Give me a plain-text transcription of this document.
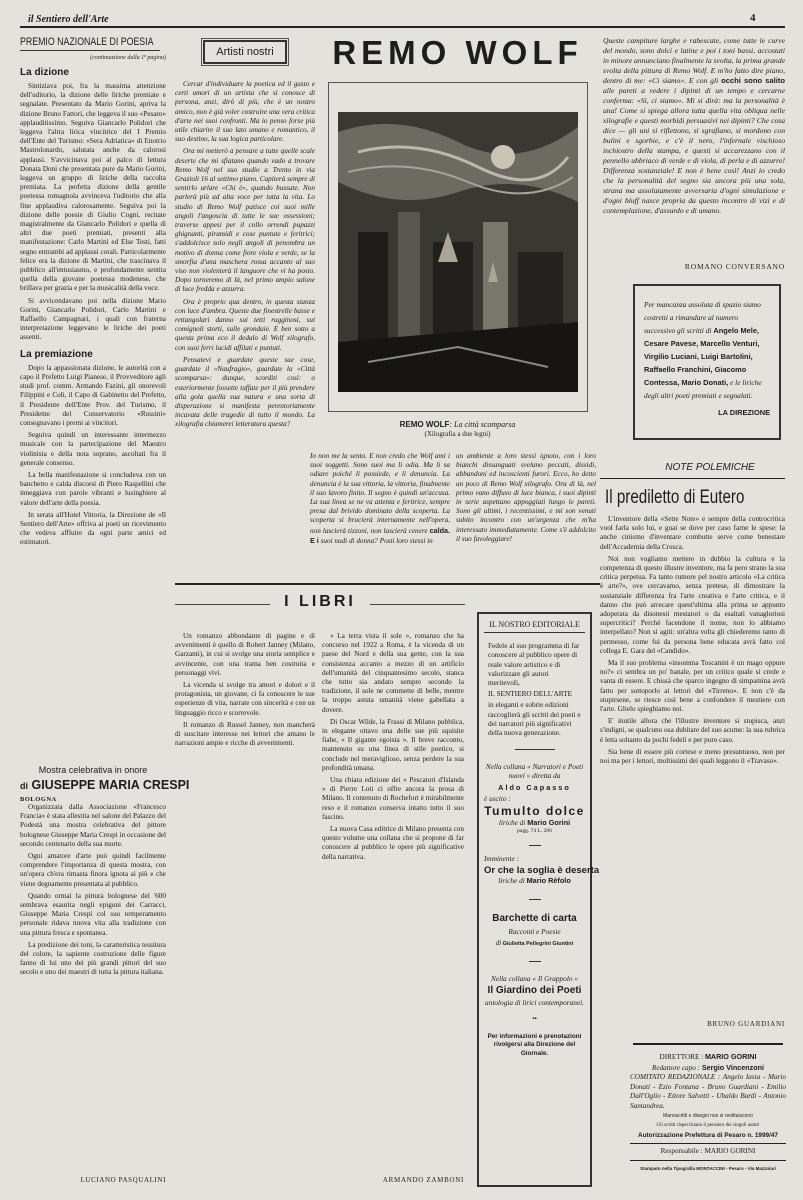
il Sentiero dell'Arte	4
PREMIO NAZIONALE DI POESIA
(continuazione dalla 1ª pagina)
La dizione

Sintiziava poi, fra la massima attenzione dell'uditorio, la dizione delle liriche premiate e segnalate. Presentato da Mario Gorini, apriva la dizione Bruno Fattori, che leggeva il suo «Pesaro» applauditissimo. Seguiva Giancarlo Polidori che leggeva l'altra lirica vincitrice del I Premio dell'Ente del Turismo: «Sera Adriatica» di Enotrio Mastrolonardo, salutata anche da calorosi applausi. S'avvicinava poi al palco di lettura Donata Doni che presentata pure da Mario Gorini, leggeva un gruppo di liriche della raccolta premiata. La perfetta dizione della gentile poetessa romagnola avvinceva l'uditorio che alla fine applaudiva calorosamente. Seguiva poi la dizione delle poesie di Giulio Cogni, recitate magistralmente da Giancarlo Polidori e quella di altri due poeti premiati, presenti alla manifestazione: Carlo Martini ed Else Testi, fatti segno entrambi ad applausi corali. Particolarmente felice era la dizione di Martini, che trascinava il pubblico all'entusiasmo, e profondamente sentita quella della giovane poetessa modenese, che brillava per grazia e per la musicalità della voce.

Si avvicendavano poi nella dizione Mario Gorini, Giancarlo Polidori, Carlo Martini e Raffaello Campagnari, i quali con fraterna interpretazione leggevano le liriche dei poeti assenti.

La premiazione

Dopo la appassionata dizione, le autorità con a capo il Prefetto Luigi Pianese, il Provveditore agli studi prof. comm. Armando Fazini, gli onorevoli Filippini e Coli, il Capo di Gabinetto del Prefetto, il Presidente dell'Ente Prov. del Turismo, il Presidente del Conservatorio «Rossini» consegnavano i premi ai vincitori.

Seguiva quindi un interessante intermezzo musicale con la partecipazione del Maestro violinista e della nota soprano, ascoltati fra il generale consenso.

La bella manifestazione si concludeva con un banchetto e calda discorsi di Piero Raspellini che inneggiava con parole vibranti e lusinghiere al valore dell'arte della poesia.

In serata all'Hotel Vittoria, la Direzione de «Il Sentiero dell'Arte» offriva ai poeti un ricevimento che vedeva affluire da ogni parte amici ed estimatori.

Mostra celebrativa in onore
di GIUSEPPE MARIA CRESPI
BOLOGNA

Organizzata dalla Associazione «Francesco Francia» è stata allestita nel salone del Palazzo del Podestà una mostra celebrativa del pittore bolognese Giuseppe Maria Crespi in occasione del secondo centenario della sua morte.

Ogni amatore d'arte può quindi facilmente comprendere l'importanza di questa mostra, con un'opera ch'era rimasta finora ignota ai più e che viene degnamente presentata al pubblico.

Quando ormai la pittura bolognese del '600 sembrava esaurita negli epigoni dei Carracci, Giuseppe Maria Crespi col suo temperamento personale ridava nuova vita alla tradizione con una pittura fresca e spontanea.

La predizione dei toni, la caratteristica tessitura del colore, la sapiente costruzione delle figure fanno di lui uno dei più grandi pittori del suo secolo e uno dei maestri di tutta la pittura italiana.

LUCIANO PASQUALINI
Artisti nostri

Cercar d'individuare la poetica ed il gusto e certi umori di un artista che si conosce di persona, anzi, dirò di più, che è un nostro amico, non è già voler costruire una vera critica d'arte nei suoi confronti. Ma io penso forse più utile chiarire il suo lato umano e romantico, il suo destino, la sua logica particolare.

Ora mi metterò a pensare a tutte quelle scale deserte che mi sfiatano quando vado a trovare Remo Wolf nel suo studio a Trento in via Grazioli 16 al settimo piano. Capiterà sempre di sentirlo urlare «Chi è», quando bussate. Non parlerà più ad alta voce per tutta la vita. Lo studio di Remo Wolf patisce coi suoi mille angoli l'angoscia di tutte le sue ossessioni; traverse appesi per il collo orrendi pupazzi ghignanti, piramidi e cose puntute e feritrici; s'addolcisce solo negli angoli di penombra un motivo di donna come fiore viola e verde, se la smorfia d'una maschera rossa accanto al suo viso non violenterà il languore che vi ha posto. Dopo torneremo di là, nel primo ampio salone di luce fredda e azzurra.

Ora è proprio qua dentro, in questa stanza con luce d'ambra. Queste due finestrelle basse e rettangolari danno sui tetti rugginosi, sui comignoli storti, sulle grondaie. E ben sotto a questa prima eco il dedalo di Wolf xilografo, con suoi ferri lucidi affilati e puntuti.

Pensatevi e guardate queste sue cose, guardate il «Naufragio», guardate la «Città scomparsa»: dunque, scorditi così: o esteriormente fossette tuffate per il più prendere alla gola quella sua natura e una sorta di disperazione si manifesta perentoriamente incavata delle tragedie di tutto il mondo. La xilografia chiamerei letteratura questa?

REMO WOLF
REMO WOLF: La città scomparsa
(Xilografia a due legni)
Io non me la sento. E non credo che Wolf ami i suoi soggetti. Sono suoi ma li odia. Ma li sa odiare poiché li possiede, e li denuncia. La denuncia è la sua vittoria, la vittoria, finalmente il suo lavoro finito. Il segno è quindi un'accusa. La sua linea se ne va attenta e feritrice, sempre presa dal brivido dominato della scoperta. La scoperta si brucierà internamente nell'opera, non lascierà tizzoni, non lascierà cenere calda. E i suoi nudi di donna? Posti loro stessi in
un ambiente a loro stessi ignoto, con i loro bianchi dissanguati svelano peccati, dissidi, abbandoni ed incoscienti furori. Ecco, ho detto un poco di Remo Wolf xilografo. Ora di là, nel primo vano diffuso di luce bianca, i suoi dipinti in serie aspettano appoggiati lungo le pareti. Sono gli ultimi, i recentissimi, e mi son venuti subito incontro con un'urgenza che m'ha interessato immediatamente. Come s'è addolcito il suo favoleggiare!
Queste campiture larghe e rabescate, come tutte le curve del mondo, sono dolci e latine e poi i toni bassi, accostati in minore annunciano finalmente la svolta, la prima grande svolta della pittura di Remo Wolf. E m'ho fatto dire piano, dentro di me: «Ci siamo». E con gli occhi sono salito alle pareti a vedere i dipinti di un tempo e cercarne conferma: «Sì, ci siamo». Mi si dirà: ma la personalità è una! Come si spiega allora tutta quella vita obliqua nelle xilografie e questi morbidi persuasivi nei dipinti? Che cosa dice — gli uni si riflettono, si sgrafiano, si mordono con bulini e sgorbie, e c'è il nero, l'infernale vischioso inchiostro della stampa, e questi si accarezzano con il pennello ubbriaco di verde e di viola, di perla e di azzurro! Differenza sostanziale! E non è bene così! Anzi io credo che la personalità del segno sia ancora più una sola, strana ma assolutamente avversaria d'ogni simulazione e d'ogni bluff nasce propria da questo incontro di vizi e di contemplazione, d'assurdo e di umano.
ROMANO CONVERSANO
Per mancanza assoluta di spazio siamo costretti a rimandare al numero successivo gli scritti di Angelo Mele, Cesare Pavese, Marcello Venturi, Virgilio Luciani, Luigi Bartolini, Raffaello Franchini, Giacomo Contessa, Mario Donati, e le liriche degli altri poeti premiati e segnalati.
LA DIREZIONE
NOTE POLEMICHE
Il prediletto di Eutero

L'inventore della «Sette Note» e sempre della controcritica vuol farla solo lui, e guai se dove per caso farne le spese: la anche cinismo d'inventare combutte serve come benestare dell'Accademia della Crusca.

Noi non vogliamo mettere in dubbio la cultura e la competenza di questo illustre inventore, ma fa pero strano la sua critica perpetua. Fa tanto rumore pel nostro articolo «La critica è arte?», ove cercavamo, senza pretese, di dimostrare la sostanziale differenza fra l'arte creativa e l'arte critica, e il danno che può arrecare quest'ultima alla prima se appunto adoperata da disonesti mestatori o da esaltati vanagloriosi supercritici? Perché facendone il nome, non lo abbiamo interpellato? Non si agiti: un'altra volta gli chiederemo tanto di permesso, come fui da persona bene educata avrà fatto col collega E. Gara del «Candido».

Ma il suo problema «insomma Toscanini è un mago oppure no?» ci sembra un po' banale, per un critico quale si crede e vanta di essere. E chissà che sparco ingegno di simpamina avrà fatto per sottoporlo ai lettori del «Tirreno». E non c'è da stupirsene, se riesce così bene a confondere il mestiere con l'arte. Glielo spieghiamo noi.

E' inutile allora che l'illustre inventore si stupisca, anzi s'indigni, se qualcuno osa dubitare del suo acume: la sua rubrica è letta soltanto da pochi fedeli e per puro caso.

Sia bene di essere più cortese e meno presuntuoso, non per noi ma per i lettori, moltissimi dei quali leggono il «Travaso».

BRUNO GUARDIANI
DIRETTORE : MARIO GORINI
Redattore capo : Sergio Vincenzoni
COMITATO REDAZIONALE : Angelo Iasia - Mario Donati - Ezio Fontana - Bruno Guardiani - Emilio Dall'Oglio - Ettore Salvetti - Ubaldo Bardi - Antonio Santandrea.
Manoscritti e disegni non si restituiscono
Gli scritti rispecchiano il pensiero dei singoli autori
Autorizzazione Prefettura di Pesaro n. 1999/47
Responsabile : MARIO GORINI
Stampato nella Tipografia MONTACCINI - Pesaro - Via Mazzolari
I LIBRI

Un romanzo abbondante di pagine e di avvenimenti è quello di Robert Janney (Milano, Garzanti), in cui si svolge una storia semplice e avvincente, con una trama ben costruita e personaggi vivi.

La vicenda si svolge tra amori e dolori e il protagonista, un giovane, ci fa conoscere le sue esperienze di vita, narrate con sincerità e con un linguaggio ricco e scorrevole.

Il romanzo di Russel Janney, non mancherà di suscitare interesse nei lettori che amano le narrazioni ampie e ricche di avvenimenti.

« La terra vista il sole », romanzo che ha concorso nel 1922 a Roma, è la vicenda di un paese del Nord e della sua gente, con la sua consistenza accanto a mezzo di un artificio dell'umanità del cinquantesimo secolo, stanca che tutto sia andato sempre secondo la tradizione, il sole ne commette di belle, mentre la troppo astuta umanità viene gabellata a dovere.

Di Oscar Wilde, la Frassi di Milano pubblica, in elegante ottavo una delle sue più squisite fiabe, « Il gigante egoista ». Il breve racconto, mantenuto su una linea di stile poetico, si conclude nel meraviglioso, senza perdere la sua profondità umana.

Una chiara edizione dei « Pescatori d'Islanda » di Pierre Loti ci offre ancora la prosa di Milano. Il contenuto di Rochefort è mirabilmente reso e il romanzo conserva intatto tutto il suo fascino.

La nuova Casa editrice di Milano presenta con questo volume una collana che si propone di far conoscere al pubblico le opere più significative della narrativa.

ARMANDO ZAMBONI
IL NOSTRO EDITORIALE
Fedele al suo programma di far conoscere al pubblico opere di reale valore artistico e di valorizzare gli autori meritevoli,
IL SENTIERO DELL'ARTE
in eleganti e sobrie edizioni raccoglierà gli scritti dei poeti e dei narratori più significativi della nuova generazione.
Nella collana « Narratori e Poeti nuovi » diretta da
Aldo Capasso
è uscito :
Tumulto dolce
liriche di Mario Gorini
pagg. 74 L. 200
Imminente :
Or che la soglia è deserta
liriche di Mario Rèfolo
Barchette di carta
Racconti e Poesie
di Giulietta Pellegrini Giuntini
Nella collana « Il Grappolo »
Il Giardino dei Poeti
antologia di lirici contemporanei.
▪▪
Per informazioni e prenotazioni rivolgersi alla Direzione del Giornale.
